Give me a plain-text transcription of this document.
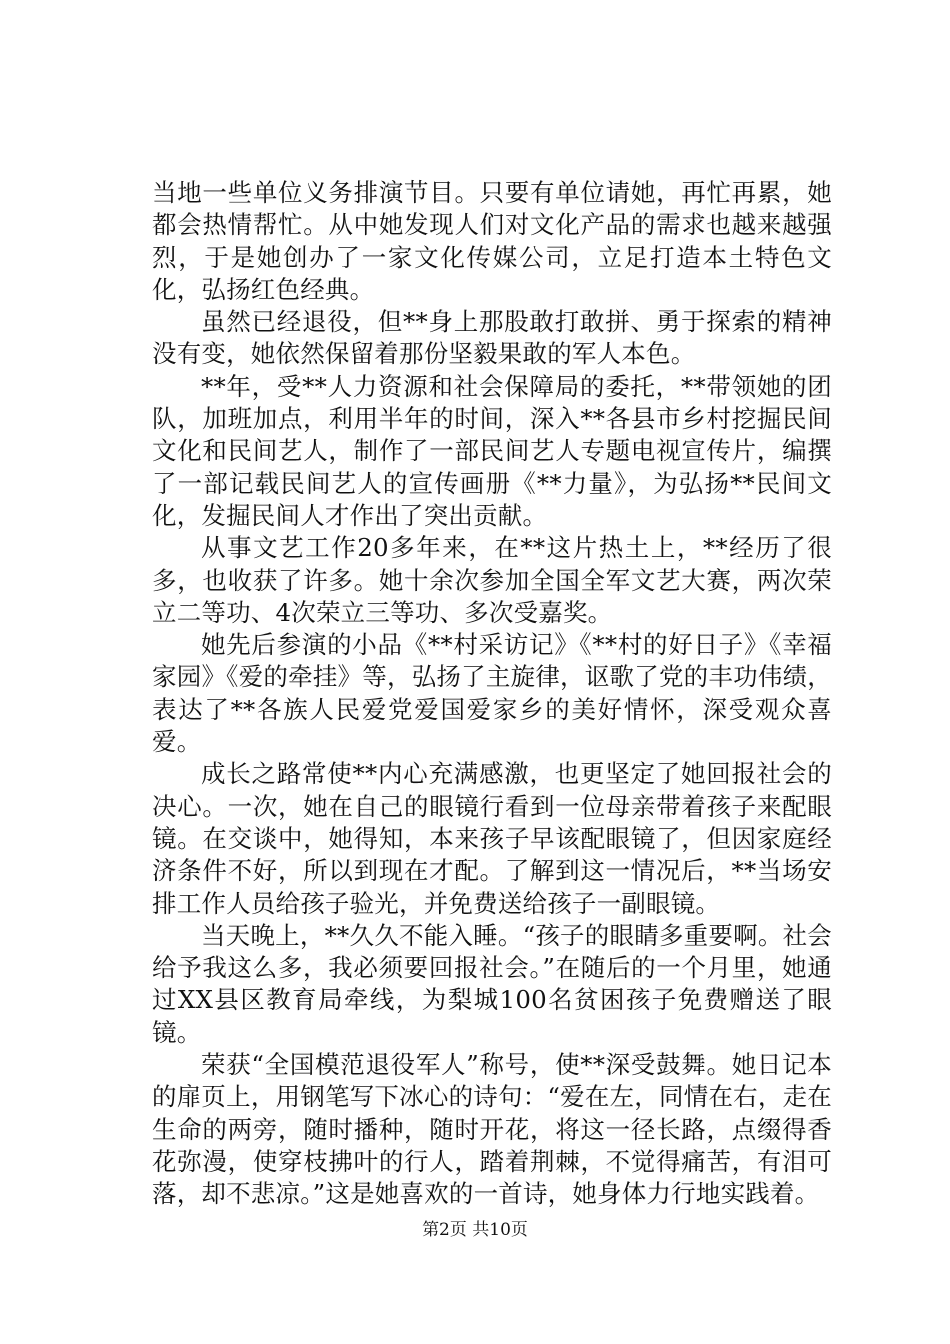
当地一些单位义务排演节目。只要有单位请她，再忙再累，她都会热情帮忙。从中她发现人们对文化产品的需求也越来越强烈，于是她创办了一家文化传媒公司，立足打造本土特色文化，弘扬红色经典。

虽然已经退役，但**身上那股敢打敢拼、勇于探索的精神没有变，她依然保留着那份坚毅果敢的军人本色。

**年，受**人力资源和社会保障局的委托，**带领她的团队，加班加点，利用半年的时间，深入**各县市乡村挖掘民间文化和民间艺人，制作了一部民间艺人专题电视宣传片，编撰了一部记载民间艺人的宣传画册《**力量》，为弘扬**民间文化，发掘民间人才作出了突出贡献。

从事文艺工作20多年来，在**这片热土上，**经历了很多，也收获了许多。她十余次参加全国全军文艺大赛，两次荣立二等功、4次荣立三等功、多次受嘉奖。

她先后参演的小品《**村采访记》《**村的好日子》《幸福家园》《爱的牵挂》等，弘扬了主旋律，讴歌了党的丰功伟绩，表达了**各族人民爱党爱国爱家乡的美好情怀，深受观众喜爱。

成长之路常使**内心充满感激，也更坚定了她回报社会的决心。一次，她在自己的眼镜行看到一位母亲带着孩子来配眼镜。在交谈中，她得知，本来孩子早该配眼镜了，但因家庭经济条件不好，所以到现在才配。了解到这一情况后，**当场安排工作人员给孩子验光，并免费送给孩子一副眼镜。

当天晚上，**久久不能入睡。“孩子的眼睛多重要啊。社会给予我这么多，我必须要回报社会。”在随后的一个月里，她通过XX县区教育局牵线，为梨城100名贫困孩子免费赠送了眼镜。

荣获“全国模范退役军人”称号，使**深受鼓舞。她日记本的扉页上，用钢笔写下冰心的诗句：“爱在左，同情在右，走在生命的两旁，随时播种，随时开花，将这一径长路，点缀得香花弥漫，使穿枝拂叶的行人，踏着荆棘，不觉得痛苦，有泪可落，却不悲凉。”这是她喜欢的一首诗，她身体力行地实践着。

第2页 共10页
